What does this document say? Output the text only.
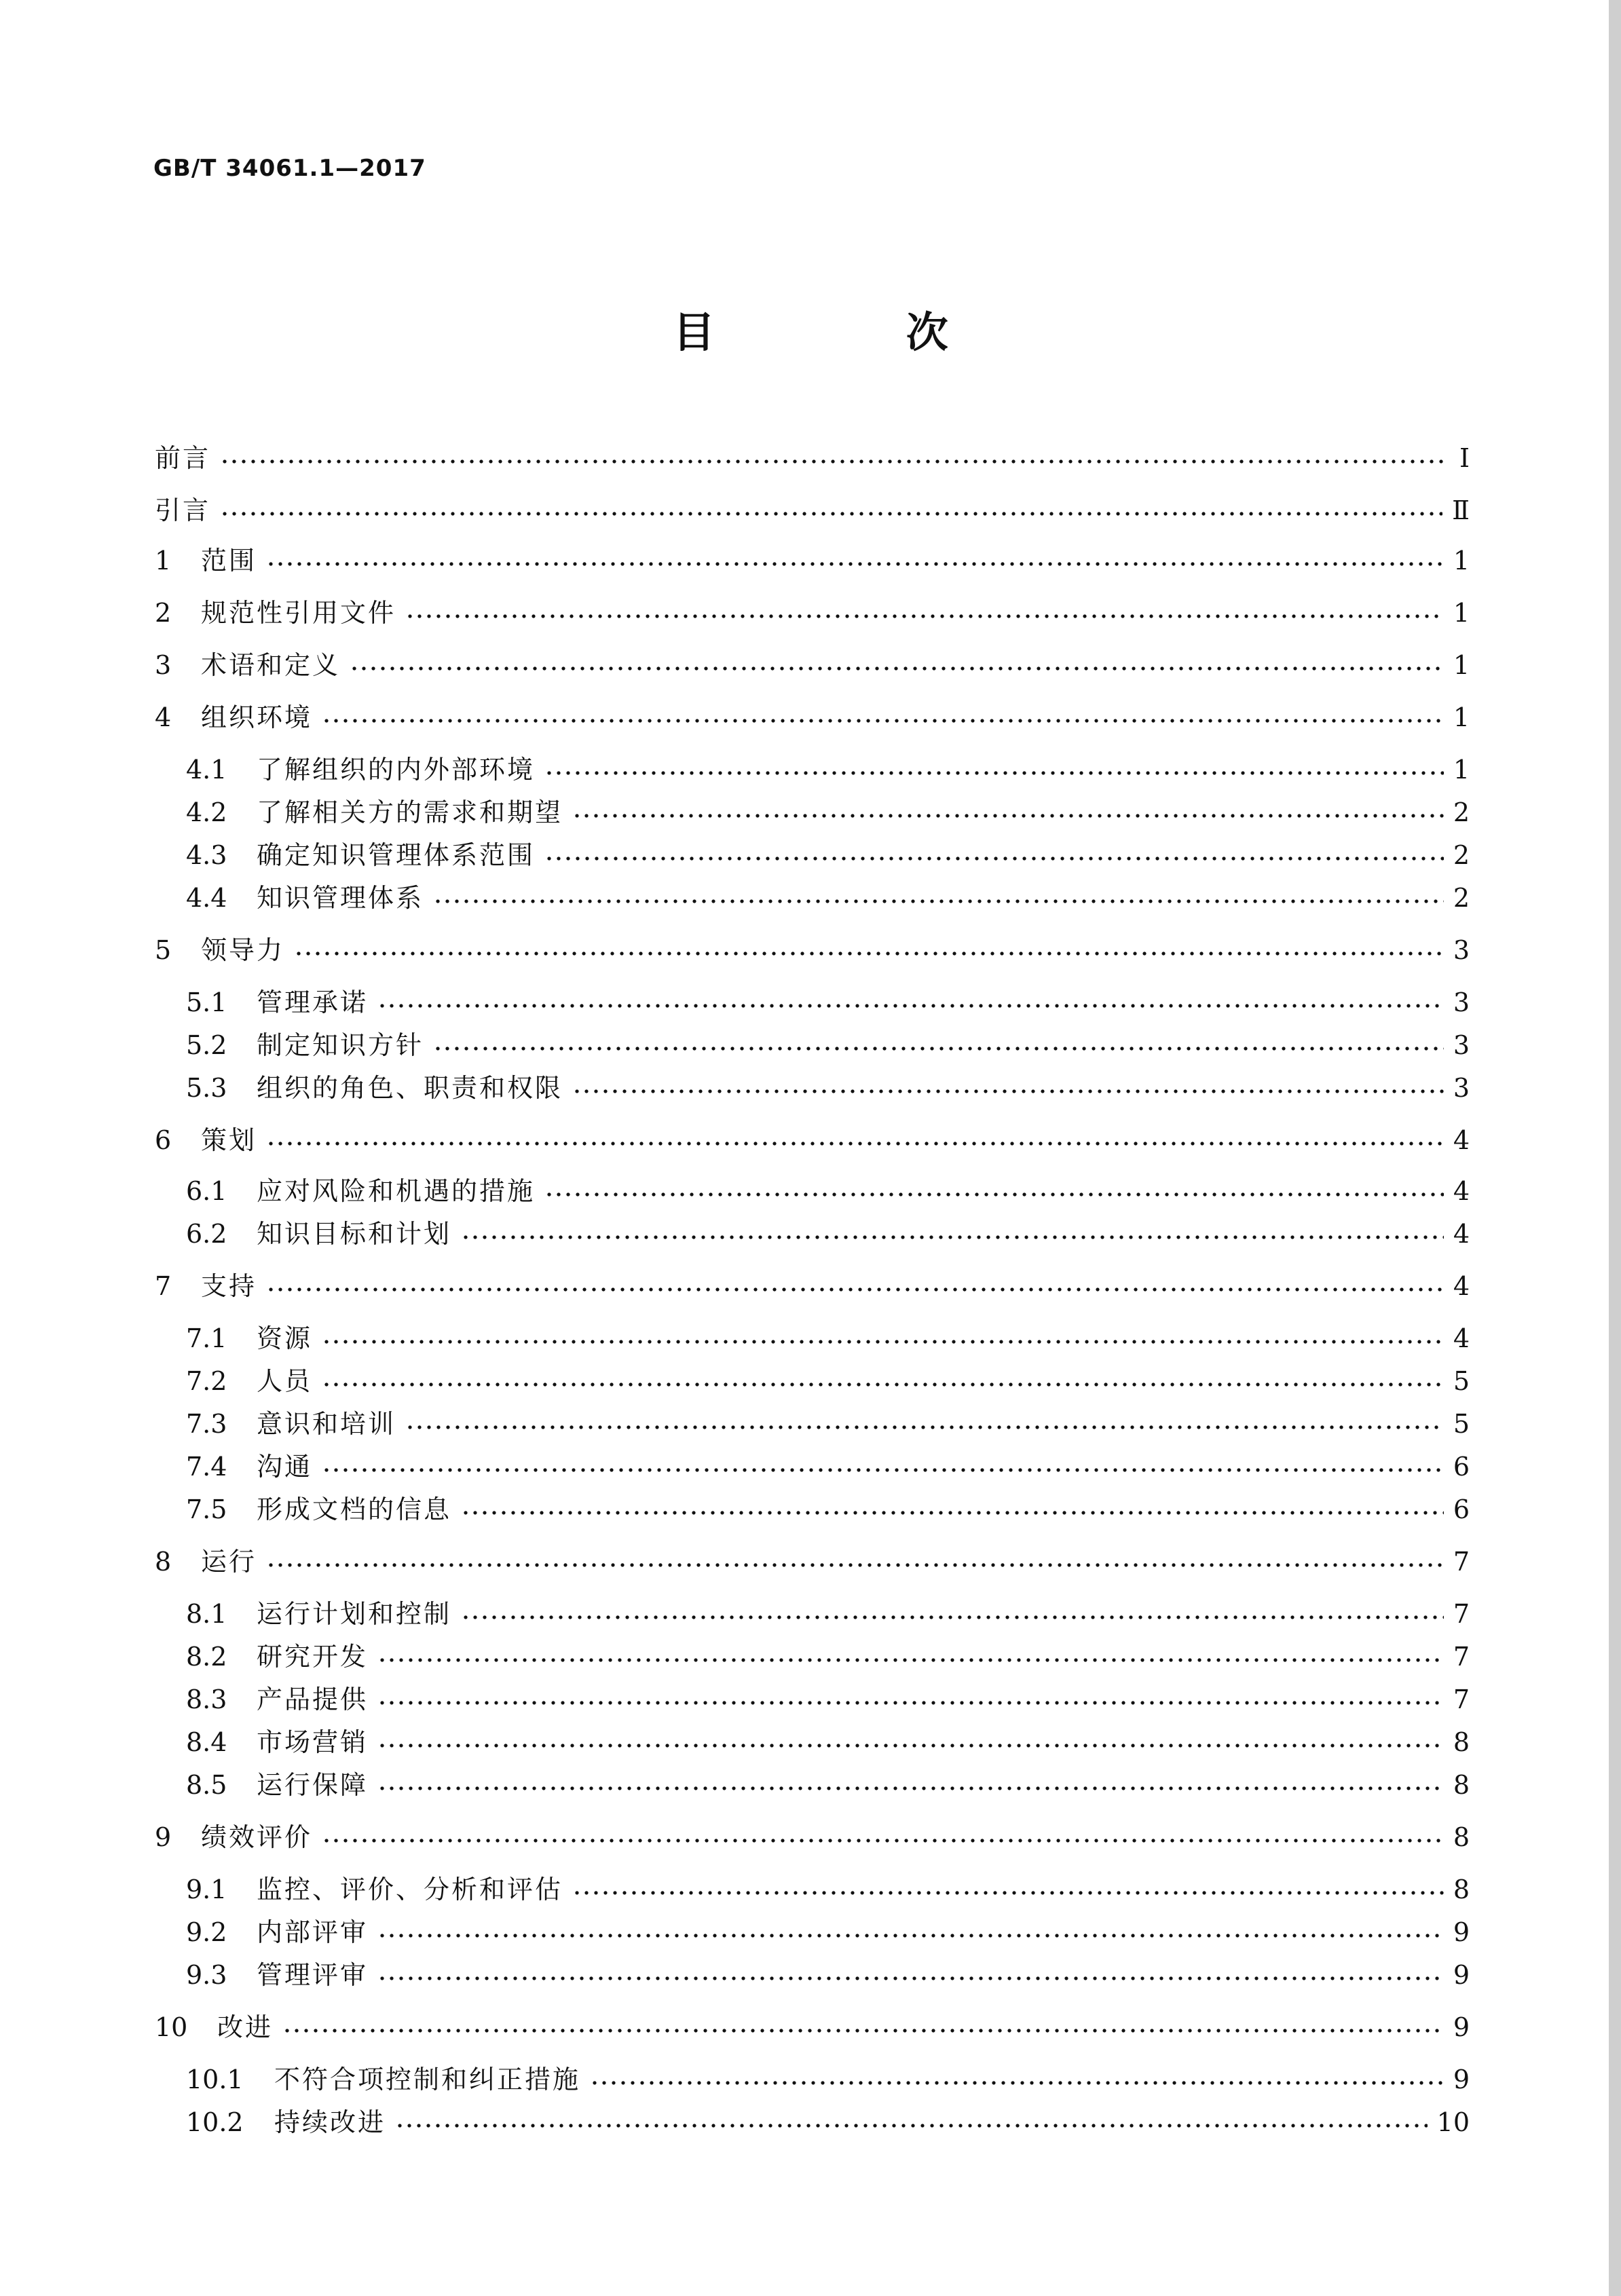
GB/T 34061.1—2017
目 次
前言	Ⅰ
引言	Ⅱ
1	范围	1
2	规范性引用文件	1
3	术语和定义	1
4	组织环境	1
4.1	了解组织的内外部环境	1
4.2	了解相关方的需求和期望	2
4.3	确定知识管理体系范围	2
4.4	知识管理体系	2
5	领导力	3
5.1	管理承诺	3
5.2	制定知识方针	3
5.3	组织的角色、职责和权限	3
6	策划	4
6.1	应对风险和机遇的措施	4
6.2	知识目标和计划	4
7	支持	4
7.1	资源	4
7.2	人员	5
7.3	意识和培训	5
7.4	沟通	6
7.5	形成文档的信息	6
8	运行	7
8.1	运行计划和控制	7
8.2	研究开发	7
8.3	产品提供	7
8.4	市场营销	8
8.5	运行保障	8
9	绩效评价	8
9.1	监控、评价、分析和评估	8
9.2	内部评审	9
9.3	管理评审	9
10	改进	9
10.1	不符合项控制和纠正措施	9
10.2	持续改进	10
